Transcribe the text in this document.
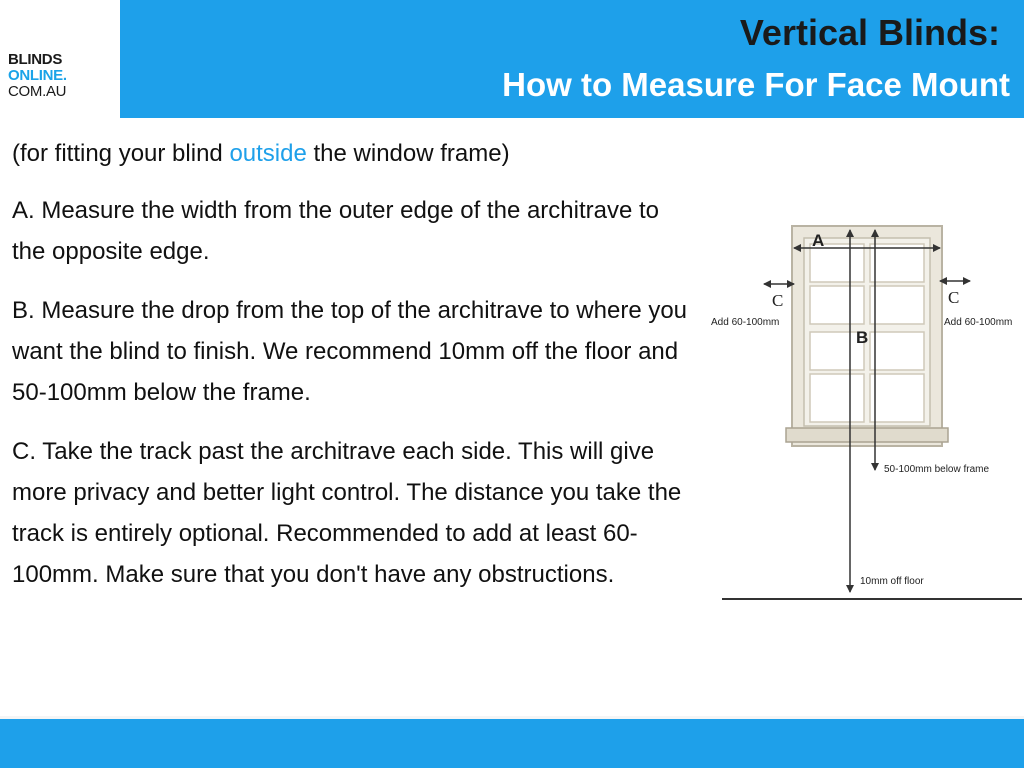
BLINDS
ONLINE.
COM.AU
Vertical Blinds:
How to Measure For Face Mount

(for fitting your blind outside the window frame)

A. Measure the width from the outer edge of the architrave to the opposite edge.

B. Measure the drop from the top of the architrave to where you want the blind to finish. We recommend 10mm off the floor and 50-100mm below the frame.

C. Take the track past the architrave each side. This will give more privacy and better light control. The distance you take the track is entirely optional. Recommended to add at least 60-100mm. Make sure that you don't have any obstructions.

A
B
C
Add 60-100mm
C
Add 60-100mm
50-100mm below frame
10mm off floor
